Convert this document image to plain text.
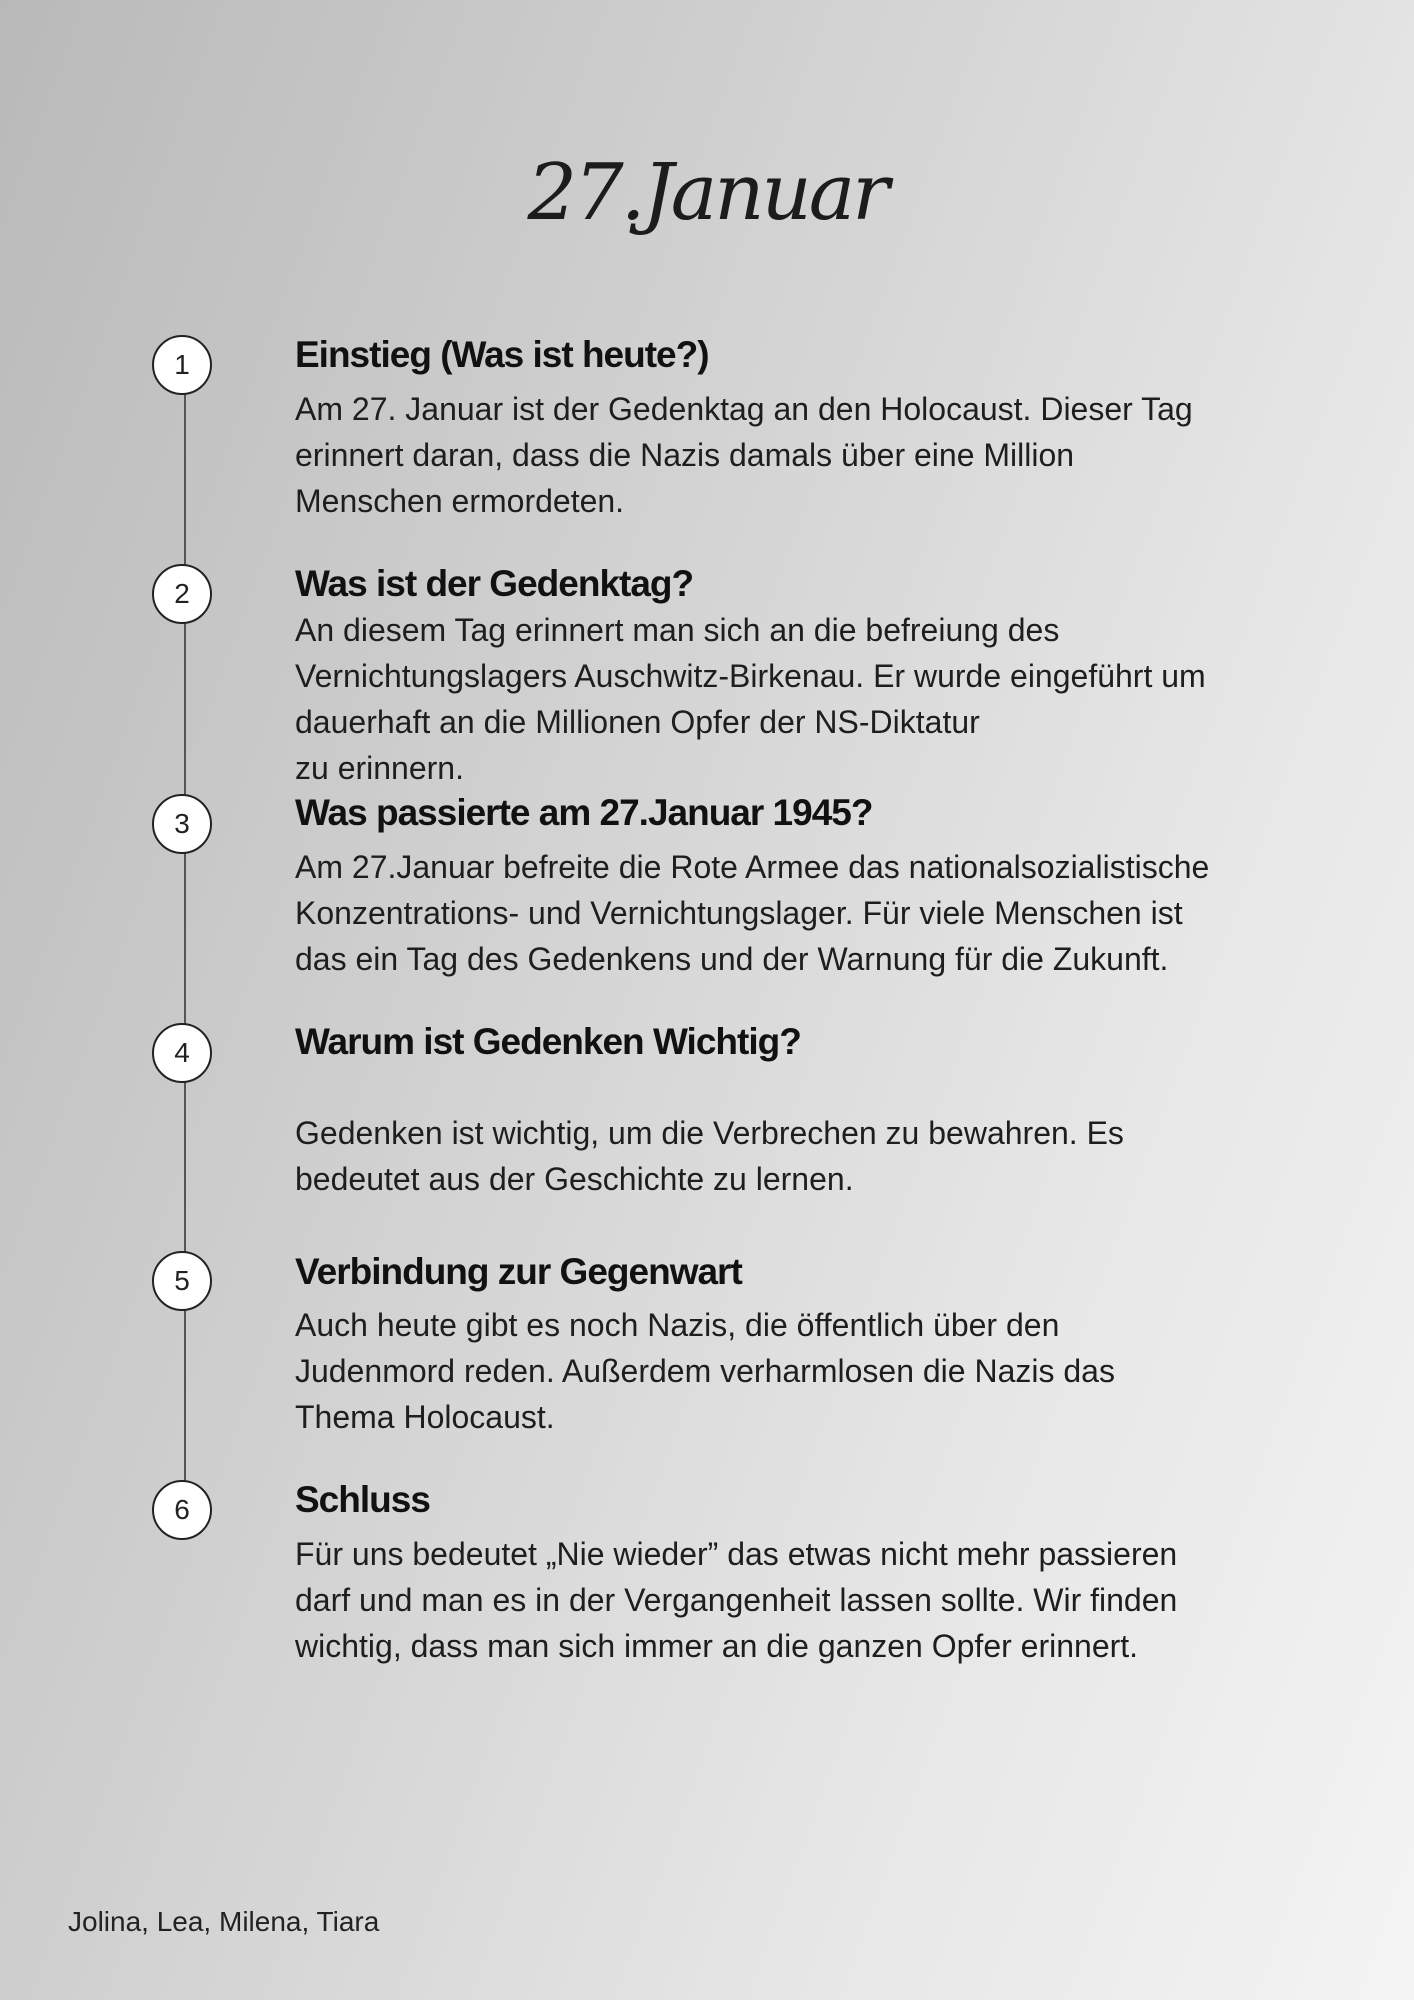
27.Januar
1	Einstieg (Was ist heute?)

Am 27. Januar ist der Gedenktag an den Holocaust. Dieser Tag
erinnert daran, dass die Nazis damals über eine Million
Menschen ermordeten.

2	Was ist der Gedenktag?

An diesem Tag erinnert man sich an die befreiung des
Vernichtungslagers Auschwitz-Birkenau. Er wurde eingeführt um
dauerhaft an die Millionen Opfer der NS-Diktatur
zu erinnern.

3	Was passierte am 27.Januar 1945?

Am 27.Januar befreite die Rote Armee das nationalsozialistische
Konzentrations- und Vernichtungslager. Für viele Menschen ist
das ein Tag des Gedenkens und der Warnung für die Zukunft.

4	Warum ist Gedenken Wichtig?

Gedenken ist wichtig, um die Verbrechen zu bewahren. Es
bedeutet aus der Geschichte zu lernen.

5	Verbindung zur Gegenwart

Auch heute gibt es noch Nazis, die öffentlich über den
Judenmord reden. Außerdem verharmlosen die Nazis das
Thema Holocaust.

6	Schluss

Für uns bedeutet „Nie wieder” das etwas nicht mehr passieren
darf und man es in der Vergangenheit lassen sollte. Wir finden
wichtig, dass man sich immer an die ganzen Opfer erinnert.

Jolina, Lea, Milena, Tiara
